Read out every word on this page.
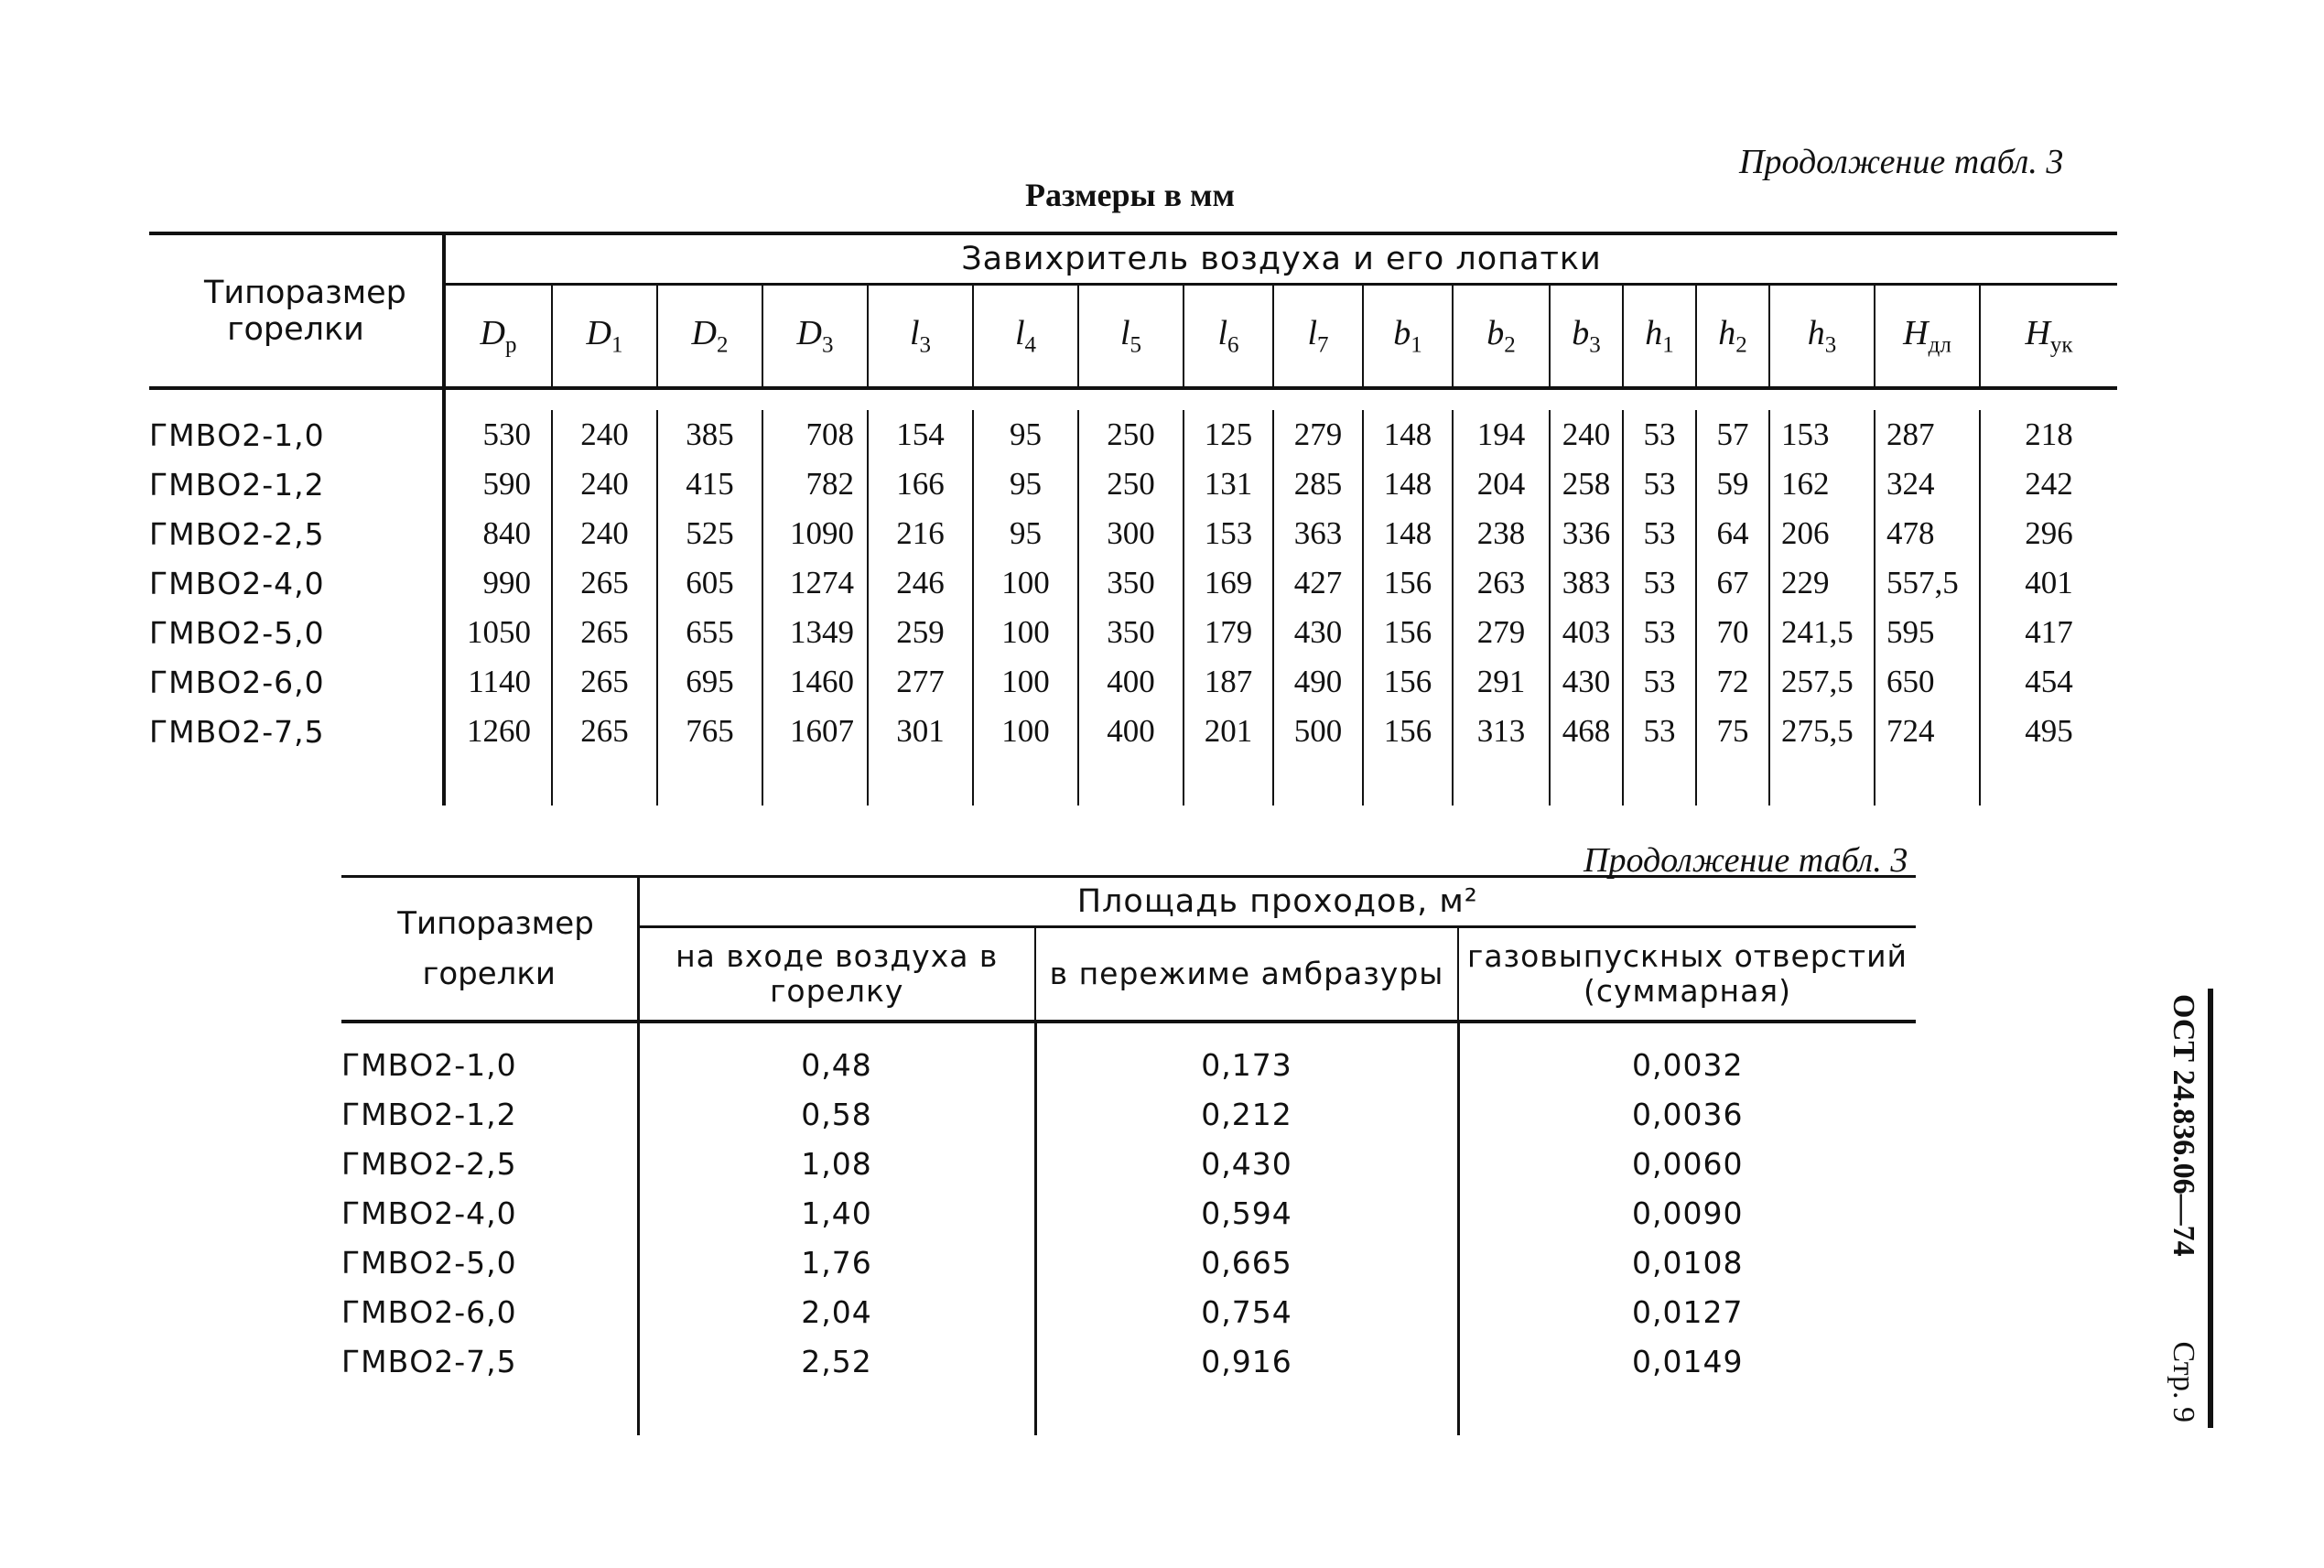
Продолжение табл. 3
Размеры в мм
Типоразмер горелки	Завихритель воздуха и его лопатки																
	$D_p$	$D_1$	$D_2$	$D_3$	$l_3$	$l_4$	$l_5$	$l_6$	$l_7$	$b_1$	$b_2$	$b_3$	$h_1$	$h_2$	$h_3$	$H_{дл}$	$H_{ук}$

ГМВО2-1,0	530	240	385	708	154	95	250	125	279	148	194	240	53	57	153	287	218
ГМВО2-1,2	590	240	415	782	166	95	250	131	285	148	204	258	53	59	162	324	242
ГМВО2-2,5	840	240	525	1090	216	95	300	153	363	148	238	336	53	64	206	478	296
ГМВО2-4,0	990	265	605	1274	246	100	350	169	427	156	263	383	53	67	229	557,5	401
ГМВО2-5,0	1050	265	655	1349	259	100	350	179	430	156	279	403	53	70	241,5	595	417
ГМВО2-6,0	1140	265	695	1460	277	100	400	187	490	156	291	430	53	72	257,5	650	454
ГМВО2-7,5	1260	265	765	1607	301	100	400	201	500	156	313	468	53	75	275,5	724	495

Продолжение табл. 3
Типоразмер горелки	Площадь проходов, м²		
	на входе воздуха в горелку	в пережиме амбразуры	газовыпускных отверстий (суммарная)

ГМВО2-1,0	0,48	0,173	0,0032
ГМВО2-1,2	0,58	0,212	0,0036
ГМВО2-2,5	1,08	0,430	0,0060
ГМВО2-4,0	1,40	0,594	0,0090
ГМВО2-5,0	1,76	0,665	0,0108
ГМВО2-6,0	2,04	0,754	0,0127
ГМВО2-7,5	2,52	0,916	0,0149

ОСТ 24.836.06—74
Стр. 9
